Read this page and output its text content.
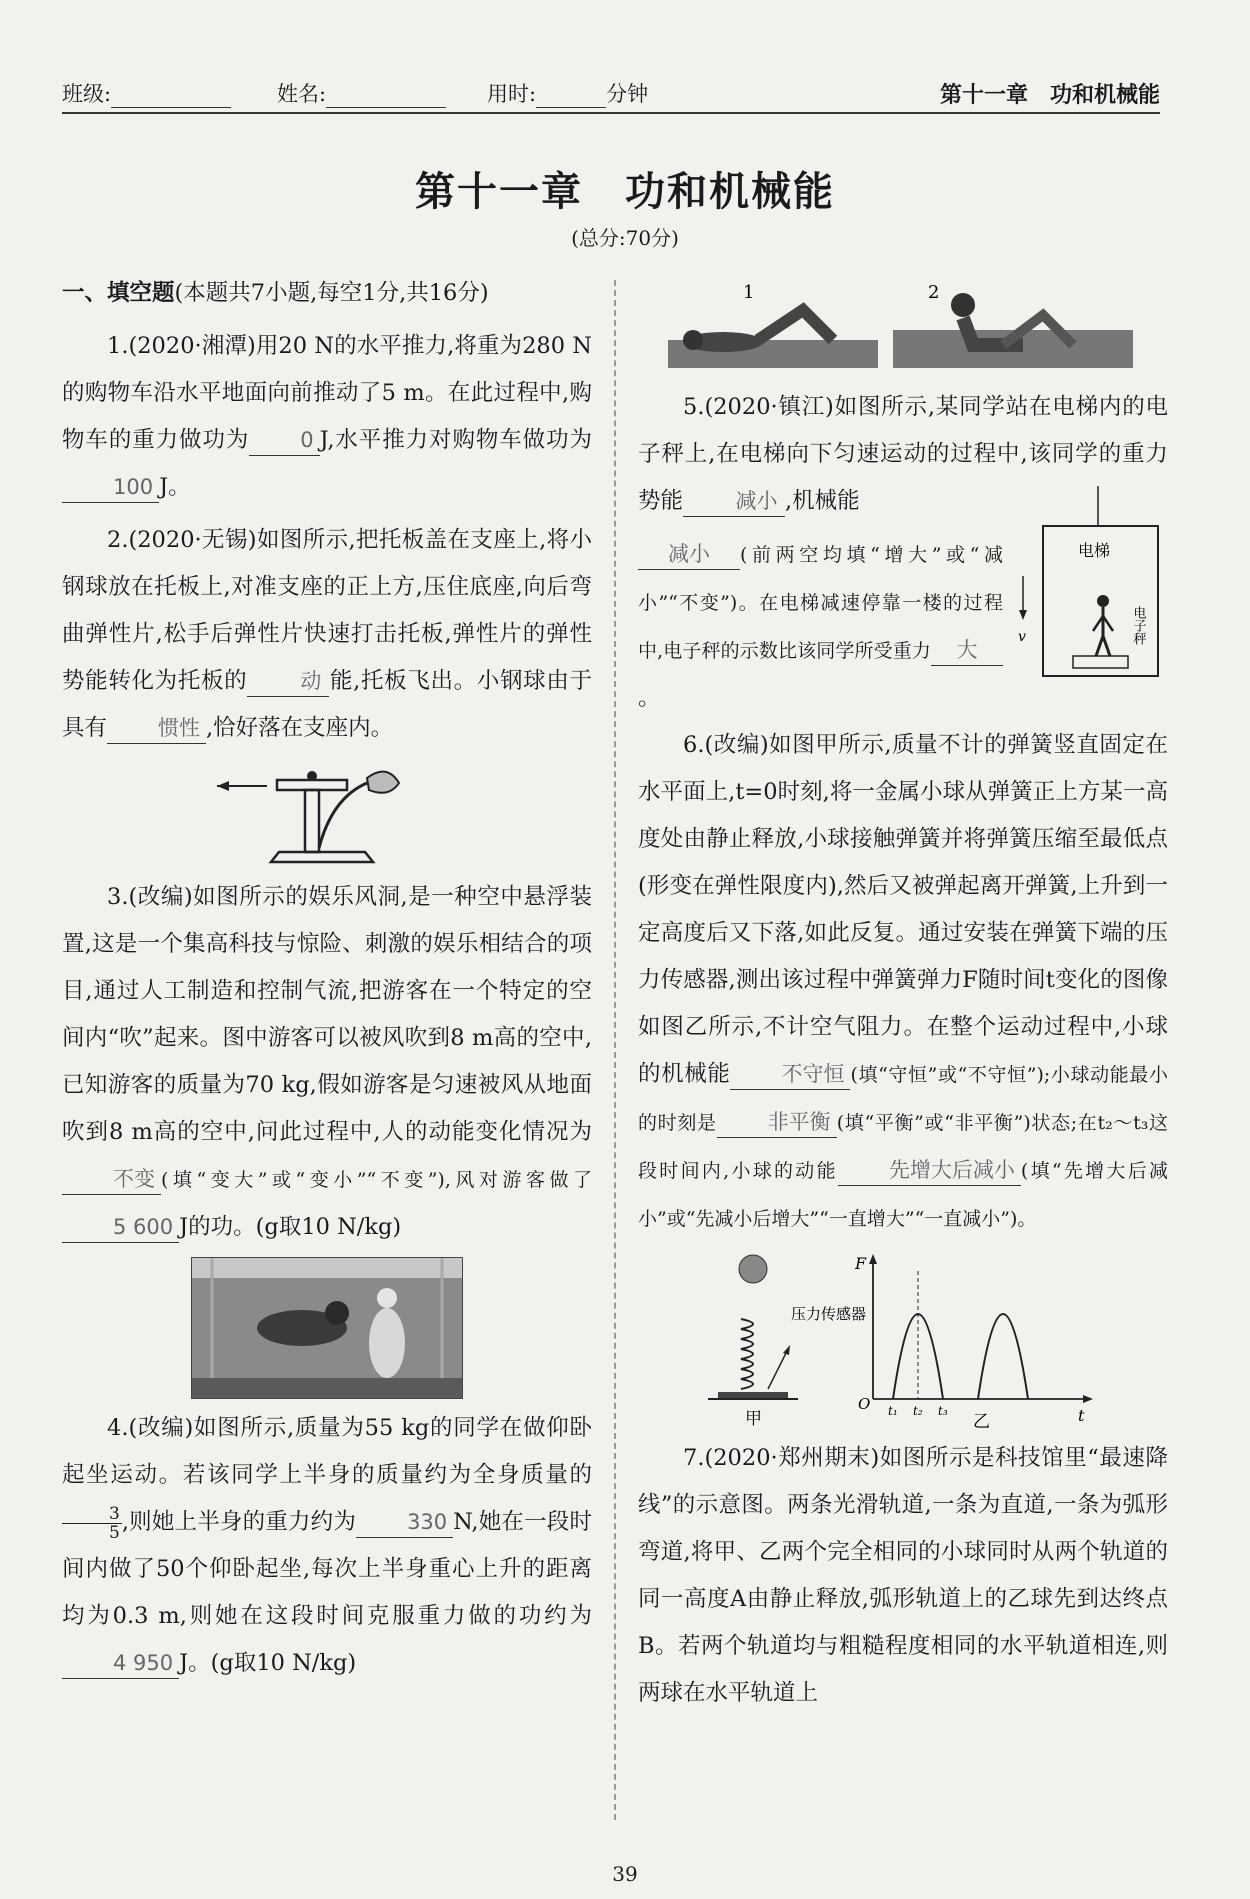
班级:	姓名:	用时:	分钟	第十一章　功和机械能
第十一章　功和机械能
(总分:70分)

一、填空题(本题共7小题,每空1分,共16分)

1.(2020·湘潭)用20 N的水平推力,将重为280 N的购物车沿水平地面向前推动了5 m。在此过程中,购物车的重力做功为 0 J,水平推力对购物车做功为100 J。

2.(2020·无锡)如图所示,把托板盖在支座上,将小钢球放在托板上,对准支座的正上方,压住底座,向后弯曲弹性片,松手后弹性片快速打击托板,弹性片的弹性势能转化为托板的	动 能,托板飞出。小钢球由于具有 惯性 ,恰好落在支座内。

3.(改编)如图所示的娱乐风洞,是一种空中悬浮装置,这是一个集高科技与惊险、刺激的娱乐相结合的项目,通过人工制造和控制气流,把游客在一个特定的空间内“吹”起来。图中游客可以被风吹到8 m高的空中,已知游客的质量为70 kg,假如游客是匀速被风从地面吹到8 m高的空中,问此过程中,人的动能变化情况为不变 (填“变大”或“变小”“不变”),风对游客做了5 600 J的功。(g取10 N/kg)

4.(改编)如图所示,质量为55 kg的同学在做仰卧起坐运动。若该同学上半身的质量约为全身质量的
$\frac{3}{5}$ ,则她上半身的重力约为 330 N,她在一段时间内做了50个仰卧起坐,每次上半身重心上升的距离均为0.3 m,则她在这段时间克服重力做的功约为4 950 J。(g取10 N/kg)

1	2

5.(2020·镇江)如图所示,某同学站在电梯内的电子秤上,在电梯向下匀速运动的过程中,该同学的重力势能	减小 ,机械能

减小 (前两空均填“增大”或“减小”“不变”)。在电梯减速停靠一楼的过程中,电子秤的示数比该同学所受重力 大。

电梯
v	电子秤

6.(改编)如图甲所示,质量不计的弹簧竖直固定在水平面上,t=0时刻,将一金属小球从弹簧正上方某一高度处由静止释放,小球接触弹簧并将弹簧压缩至最低点(形变在弹性限度内),然后又被弹起离开弹簧,上升到一定高度后又下落,如此反复。通过安装在弹簧下端的压力传感器,测出该过程中弹簧弹力F随时间t变化的图像如图乙所示,不计空气阻力。在整个运动过程中,小球的机械能 不守恒 (填“守恒”或“不守恒”);小球动能最小的时刻是 非平衡 (填“平衡”或“非平衡”)状态;在t₂～t₃这段时间内,小球的动能 先增大后减小 (填“先增大后减小”或“先减小后增大”“一直增大”“一直减小”)。

压力传感器
甲
F
t
O t₁ t₂ t₃
乙

7.(2020·郑州期末)如图所示是科技馆里“最速降线”的示意图。两条光滑轨道,一条为直道,一条为弧形弯道,将甲、乙两个完全相同的小球同时从两个轨道的同一高度A由静止释放,弧形轨道上的乙球先到达终点B。若两个轨道均与粗糙程度相同的水平轨道相连,则两球在水平轨道上

39
